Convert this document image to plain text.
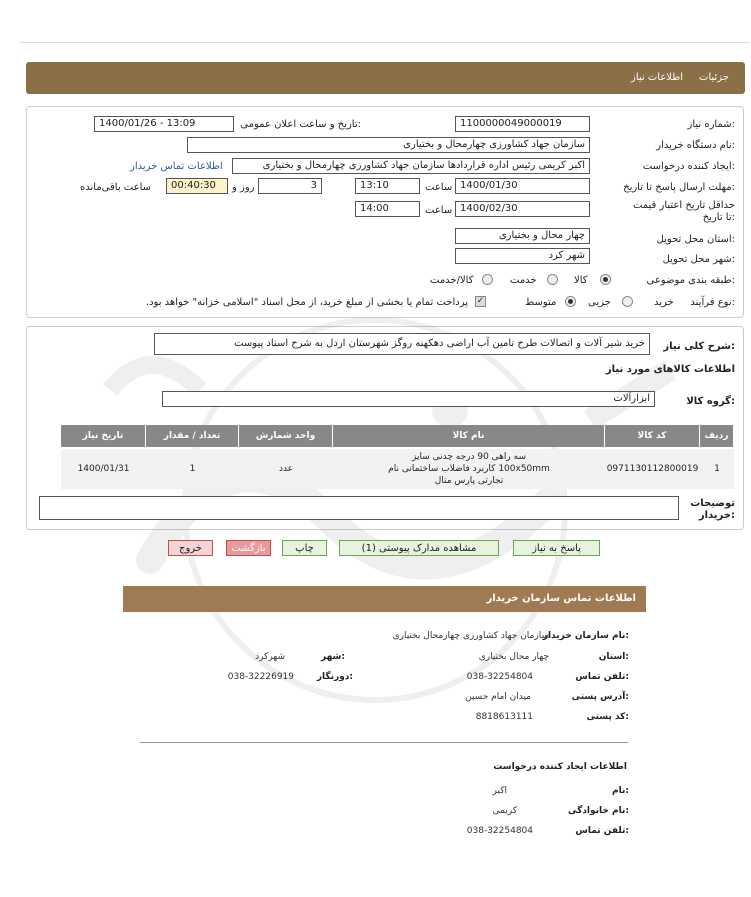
جزئیات
اطلاعات نیاز
شماره نیاز:
1100000049000019
تاریخ و ساعت اعلان عمومی:
1400/01/26 - 13:09
نام دستگاه خریدار:
سازمان جهاد کشاورزی چهارمحال و بختیاری
ایجاد کننده درخواست:
اکبر کریمی رئیس اداره قراردادها سازمان جهاد کشاورزی چهارمحال و بختیاری
اطلاعات تماس خریدار
مهلت ارسال پاسخ تا تاریخ:
1400/01/30
ساعت
13:10
3
روز و
00:40:30
ساعت باقی‌مانده
حداقل تاریخ اعتبار قیمت تا تاریخ:
1400/02/30
ساعت
14:00
استان محل تحویل:
چهار محال و بختیاری
شهر محل تحویل:
شهر کرد
طبقه بندی موضوعی:
کالا
خدمت
کالا/خدمت
نوع فرآیند:
خرید
جزیی
متوسط
✓
پرداخت تمام یا بخشی از مبلغ خرید، از محل اسناد "اسلامی خزانه" خواهد بود.
شرح کلی نیاز:
خرید شیر آلات و اتصالات طرح تامین آب اراضی دهکهنه روگز شهرستان اردل به شرح اسناد پیوست
اطلاعات کالاهای مورد نیاز
گروه کالا:
ابزارآلات
ردیف
کد کالا
نام کالا
واحد شمارش
تعداد / مقدار
تاریخ نیاز
1
0971130112800019
سه راهی 90 درجه چدنی سایز
100x50mm کاربرد فاضلاب ساختمانی نام
تجارتی پارس متال
عدد
1
1400/01/31
توضیحات خریدار:
پاسخ به نیاز
مشاهده مدارک پیوستی (1)
چاپ
بازگشت
خروج
اطلاعات تماس سازمان خریدار
نام سازمان خریدار:
سازمان جهاد کشاورزی چهارمحال بختیاری
استان:
چهار محال بختیاری
شهر:
شهرکرد
تلفن تماس:
038-32254804
دورنگار:
038-32226919
آدرس پستی:
میدان امام حسین
کد پستی:
8818613111
اطلاعات ایجاد کننده درخواست
نام:
اکبر
نام خانوادگی:
کریمی
تلفن تماس:
038-32254804
